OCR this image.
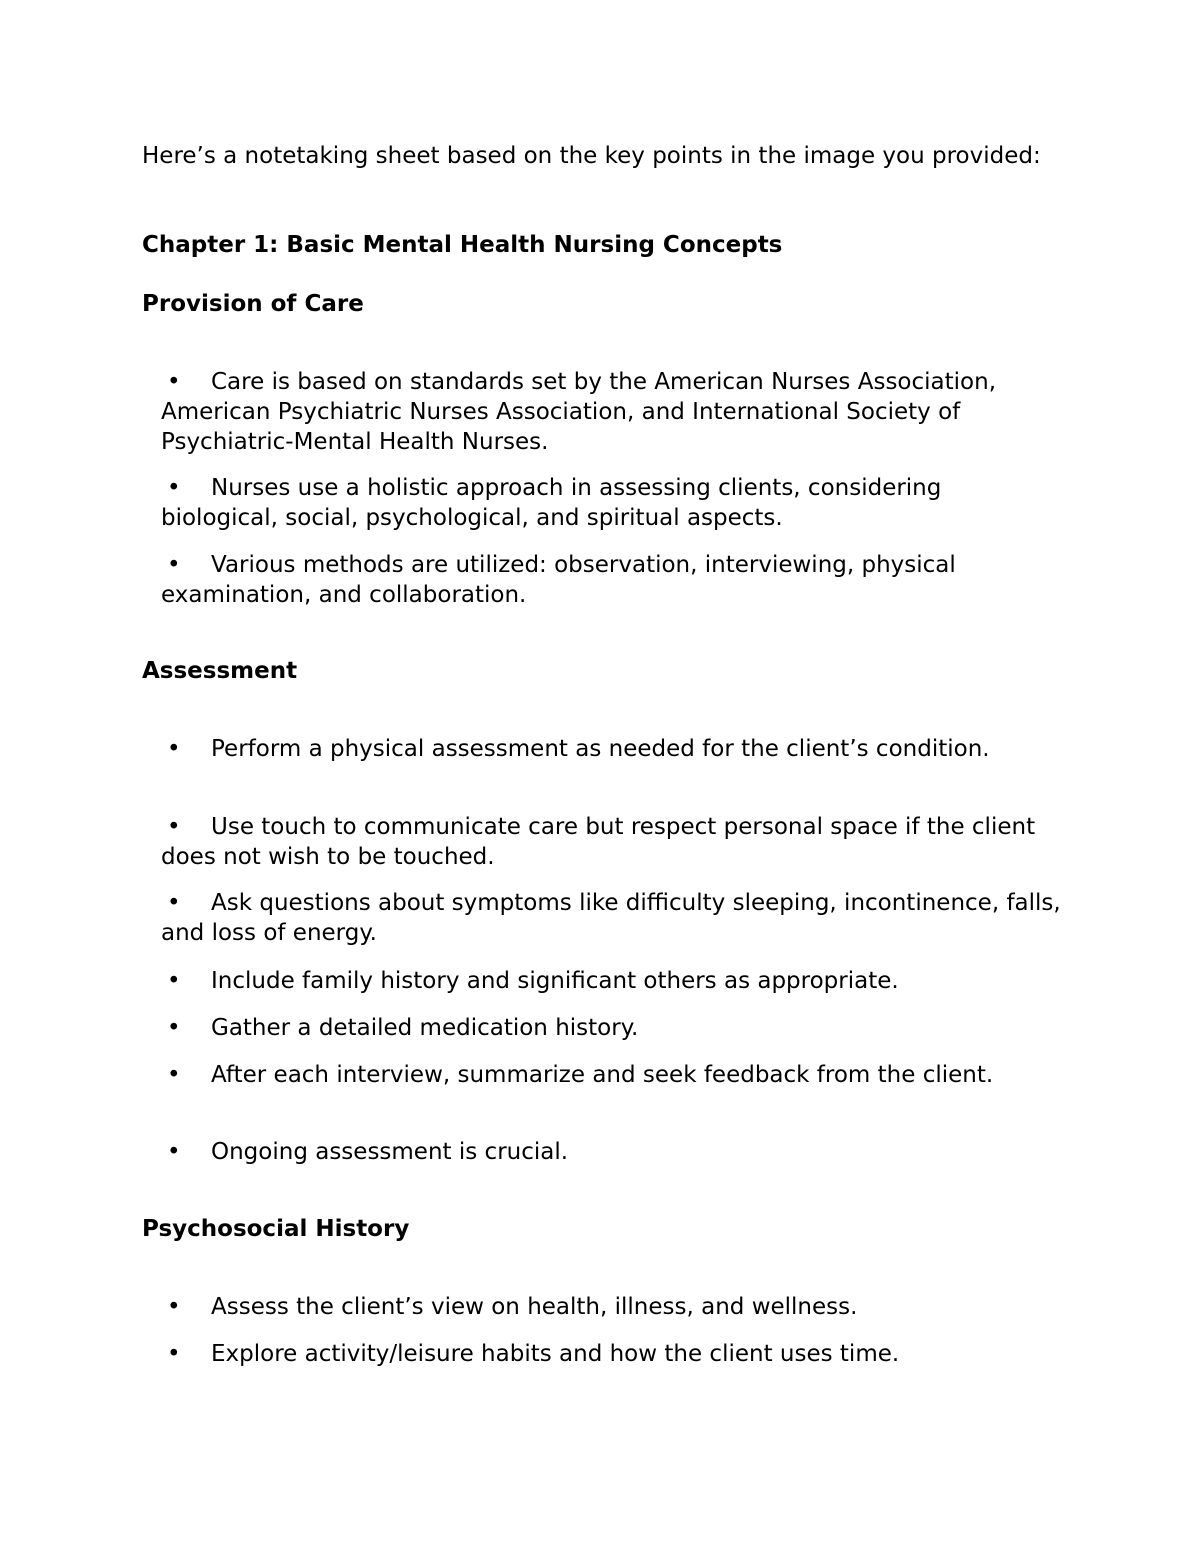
Here’s a notetaking sheet based on the key points in the image you provided:

Chapter 1: Basic Mental Health Nursing Concepts

Provision of Care

• Care is based on standards set by the American Nurses Association, American Psychiatric Nurses Association, and International Society of Psychiatric-Mental Health Nurses.

• Nurses use a holistic approach in assessing clients, considering biological, social, psychological, and spiritual aspects.

• Various methods are utilized: observation, interviewing, physical examination, and collaboration.

Assessment

• Perform a physical assessment as needed for the client’s condition.

• Use touch to communicate care but respect personal space if the client does not wish to be touched.

• Ask questions about symptoms like difficulty sleeping, incontinence, falls, and loss of energy.

• Include family history and significant others as appropriate.

• Gather a detailed medication history.

• After each interview, summarize and seek feedback from the client.

• Ongoing assessment is crucial.

Psychosocial History

• Assess the client’s view on health, illness, and wellness.

• Explore activity/leisure habits and how the client uses time.
